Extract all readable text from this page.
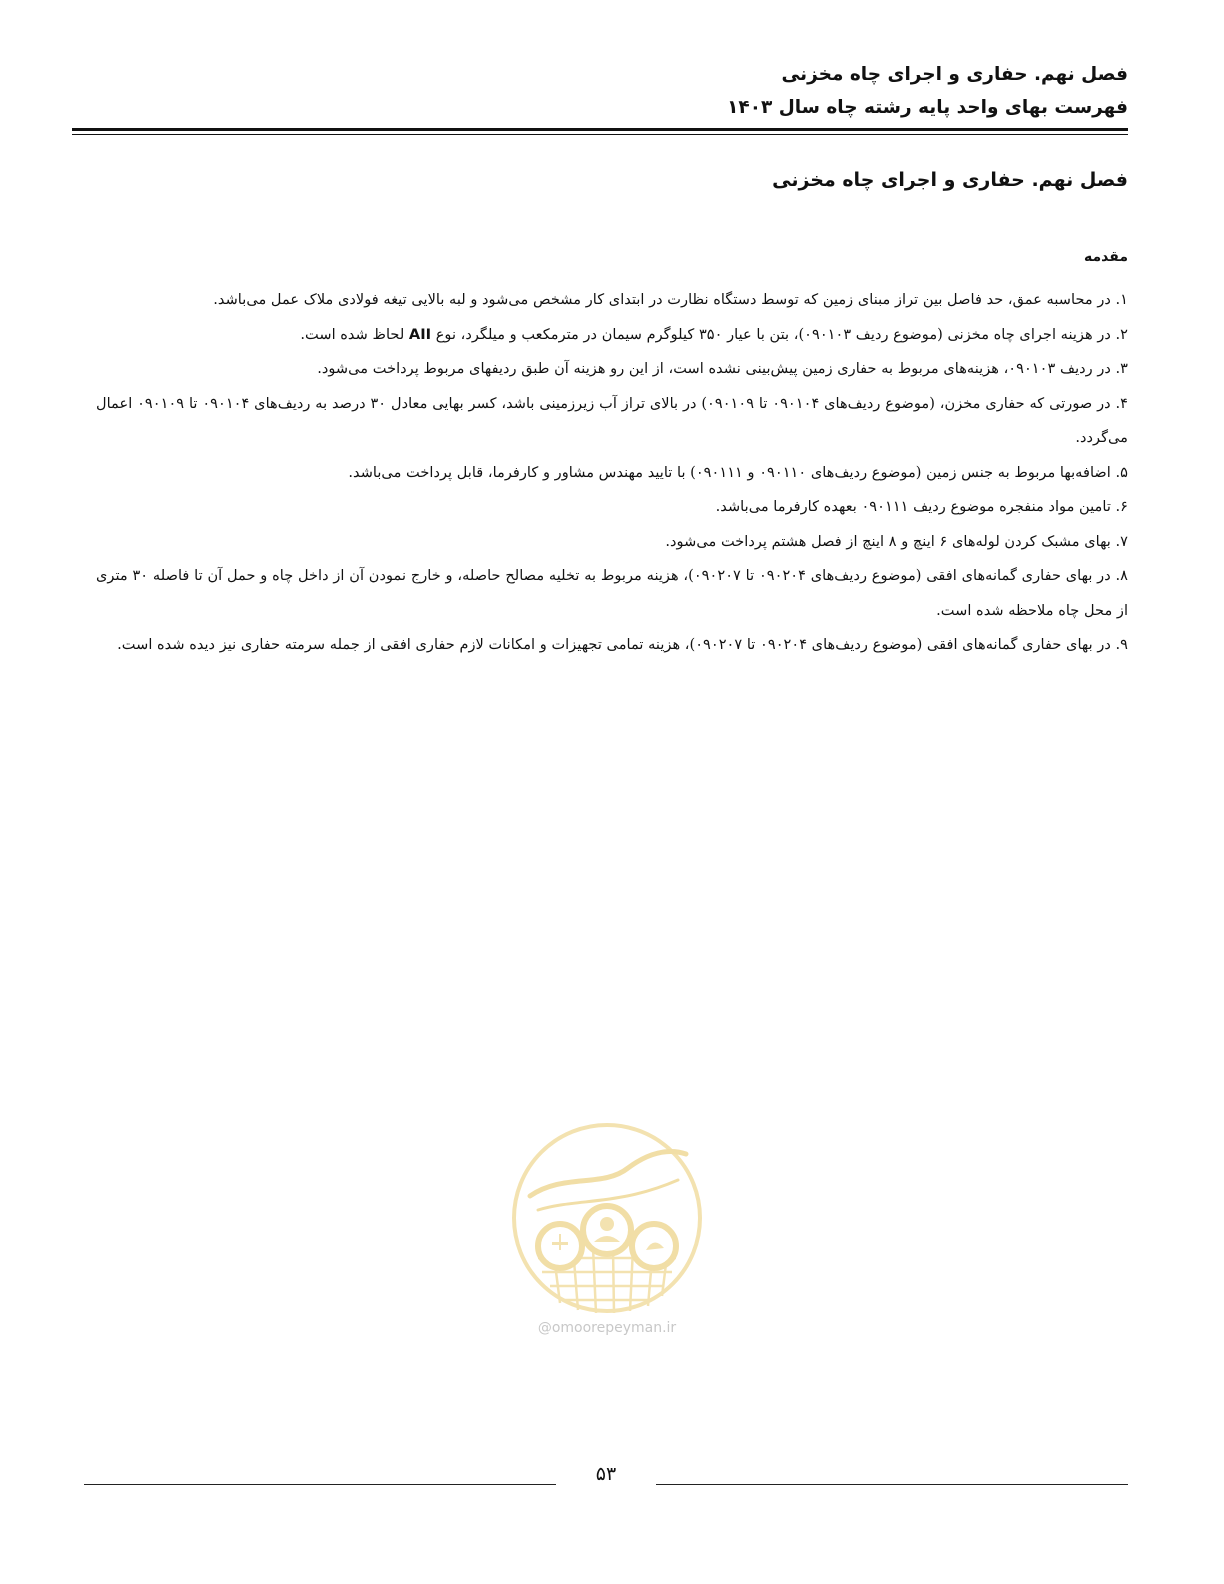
فصل نهم. حفاری و اجرای چاه مخزنی
فهرست بهای واحد پایه رشته چاه سال ۱۴۰۳
فصل نهم. حفاری و اجرای چاه مخزنی
مقدمه

۱. در محاسبه عمق، حد فاصل بین تراز مبنای زمین که توسط دستگاه نظارت در ابتدای کار مشخص می‌شود و لبه بالایی تیغه فولادی ملاک عمل می‌باشد.

۲. در هزینه اجرای چاه مخزنی (موضوع ردیف ۰۹۰۱۰۳)، بتن با عیار ۳۵۰ کیلوگرم سیمان در مترمکعب و میلگرد، نوع AII لحاظ شده است.

۳. در ردیف ۰۹۰۱۰۳، هزینه‌های مربوط به حفاری زمین پیش‌بینی نشده است، از این رو هزینه آن طبق ردیفهای مربوط پرداخت می‌شود.

۴. در صورتی که حفاری مخزن، (موضوع ردیف‌های ۰۹۰۱۰۴ تا ۰۹۰۱۰۹) در بالای تراز آب زیرزمینی باشد، کسر بهایی معادل ۳۰ درصد به ردیف‌های ۰۹۰۱۰۴ تا ۰۹۰۱۰۹ اعمال می‌گردد.

۵. اضافه‌بها مربوط به جنس زمین (موضوع ردیف‌های ۰۹۰۱۱۰ و ۰۹۰۱۱۱) با تایید مهندس مشاور و کارفرما، قابل پرداخت می‌باشد.

۶. تامین مواد منفجره موضوع ردیف ۰۹۰۱۱۱ بعهده کارفرما می‌باشد.

۷. بهای مشبک کردن لوله‌های ۶ اینچ و ۸ اینچ از فصل هشتم پرداخت می‌شود.

۸. در بهای حفاری گمانه‌های افقی (موضوع ردیف‌های ۰۹۰۲۰۴ تا ۰۹۰۲۰۷)، هزینه مربوط به تخلیه مصالح حاصله، و خارج نمودن آن از داخل چاه و حمل آن تا فاصله ۳۰ متری از محل چاه ملاحظه شده است.

۹. در بهای حفاری گمانه‌های افقی (موضوع ردیف‌های ۰۹۰۲۰۴ تا ۰۹۰۲۰۷)، هزینه تمامی تجهیزات و امکانات لازم حفاری افقی از جمله سرمته حفاری نیز دیده شده است.

@omoorepeyman.ir
۵۳
